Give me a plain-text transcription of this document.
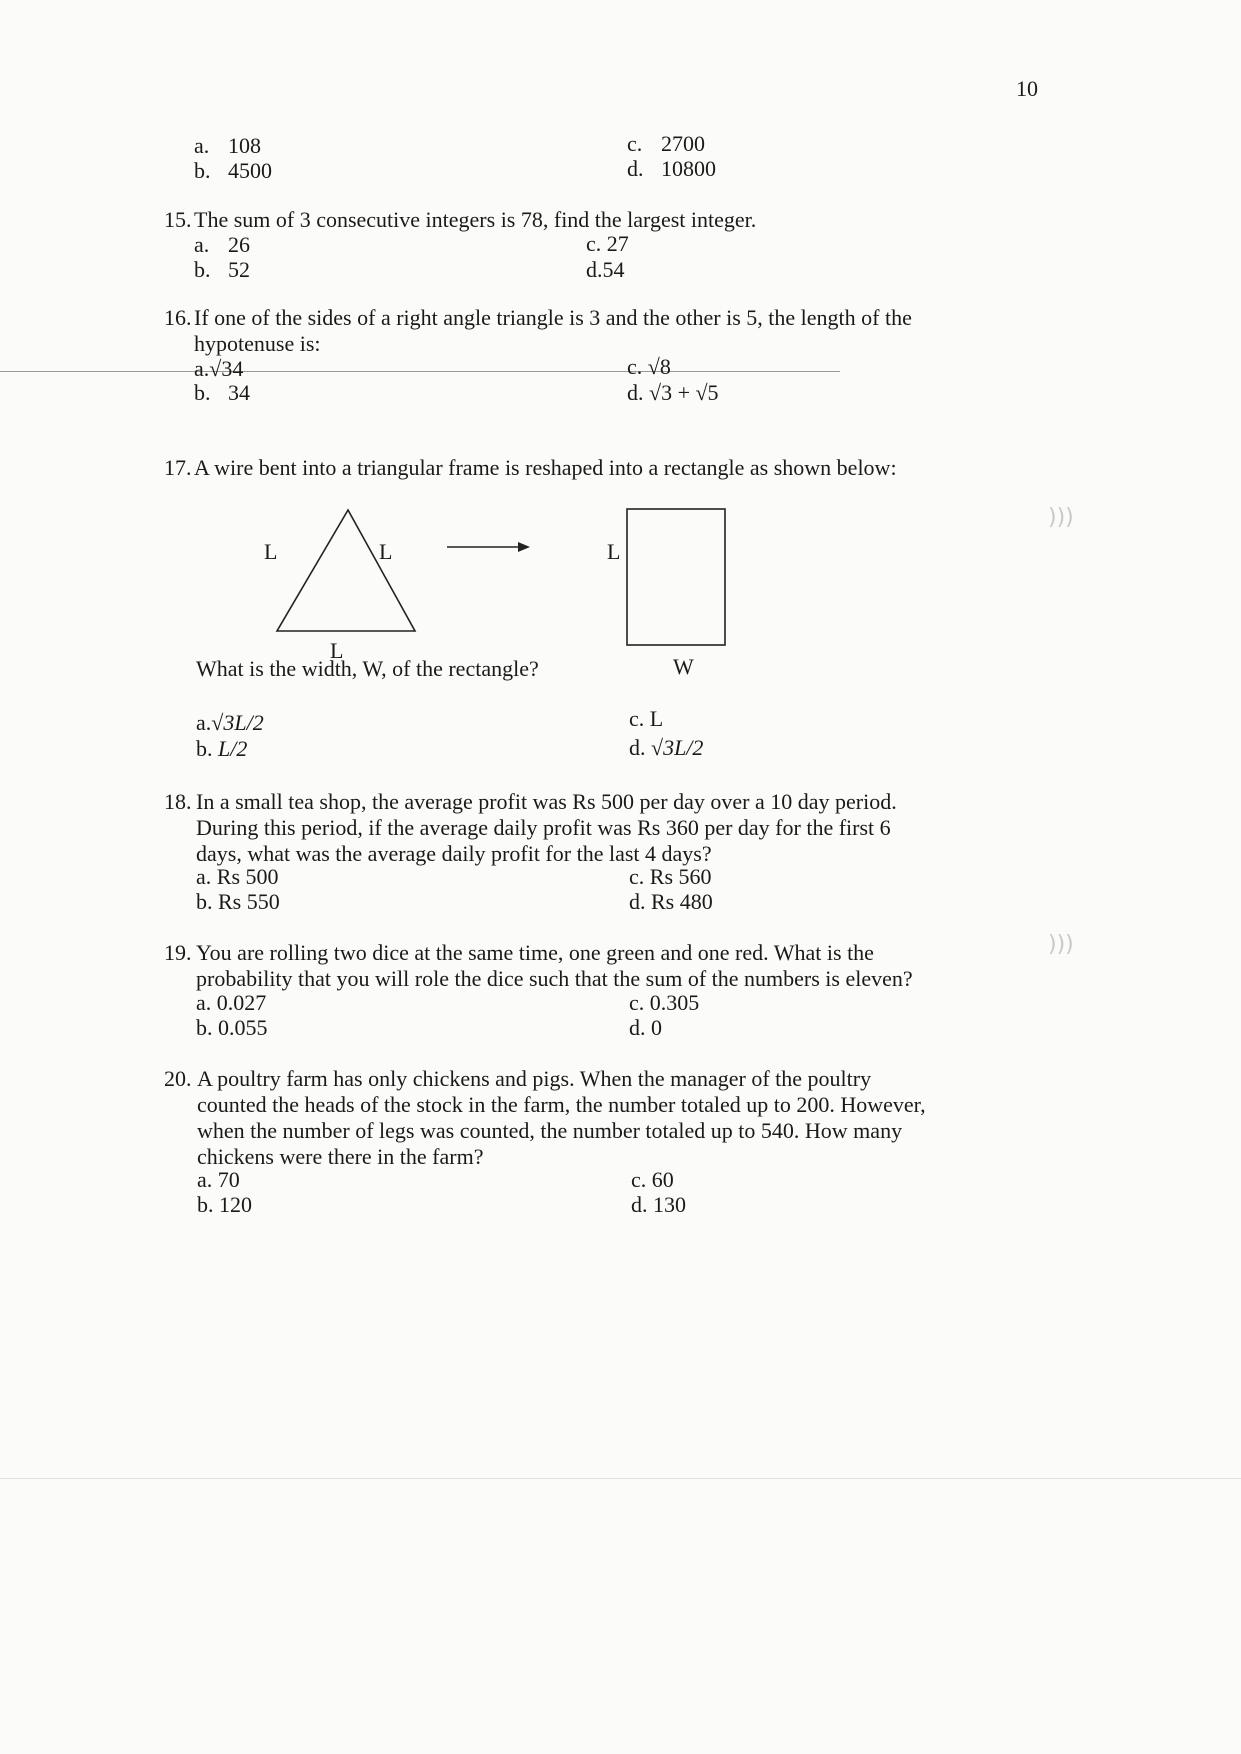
10
a. 108
b. 4500
c. 2700
d. 10800
15. The sum of 3 consecutive integers is 78, find the largest integer.
a. 26
b. 52
c. 27
d.54
16. If one of the sides of a right angle triangle is 3 and the other is 5, the length of the hypotenuse is:
a.√34
b. 34
c. √8
d. √3 + √5
17. A wire bent into a triangular frame is reshaped into a rectangle as shown below:
L	L
L
L
W
What is the width, W, of the rectangle?
a.√3L/2
b. L/2
c. L
d. √3L/2
18. In a small tea shop, the average profit was Rs 500 per day over a 10 day period. During this period, if the average daily profit was Rs 360 per day for the first 6 days, what was the average daily profit for the last 4 days?
a. Rs 500
b. Rs 550
c. Rs 560
d. Rs 480
19. You are rolling two dice at the same time, one green and one red. What is the probability that you will role the dice such that the sum of the numbers is eleven?
a. 0.027
b. 0.055
c. 0.305
d. 0
20. A poultry farm has only chickens and pigs. When the manager of the poultry counted the heads of the stock in the farm, the number totaled up to 200. However, when the number of legs was counted, the number totaled up to 540. How many chickens were there in the farm?
a. 70
b. 120
c. 60
d. 130
)))
)))
